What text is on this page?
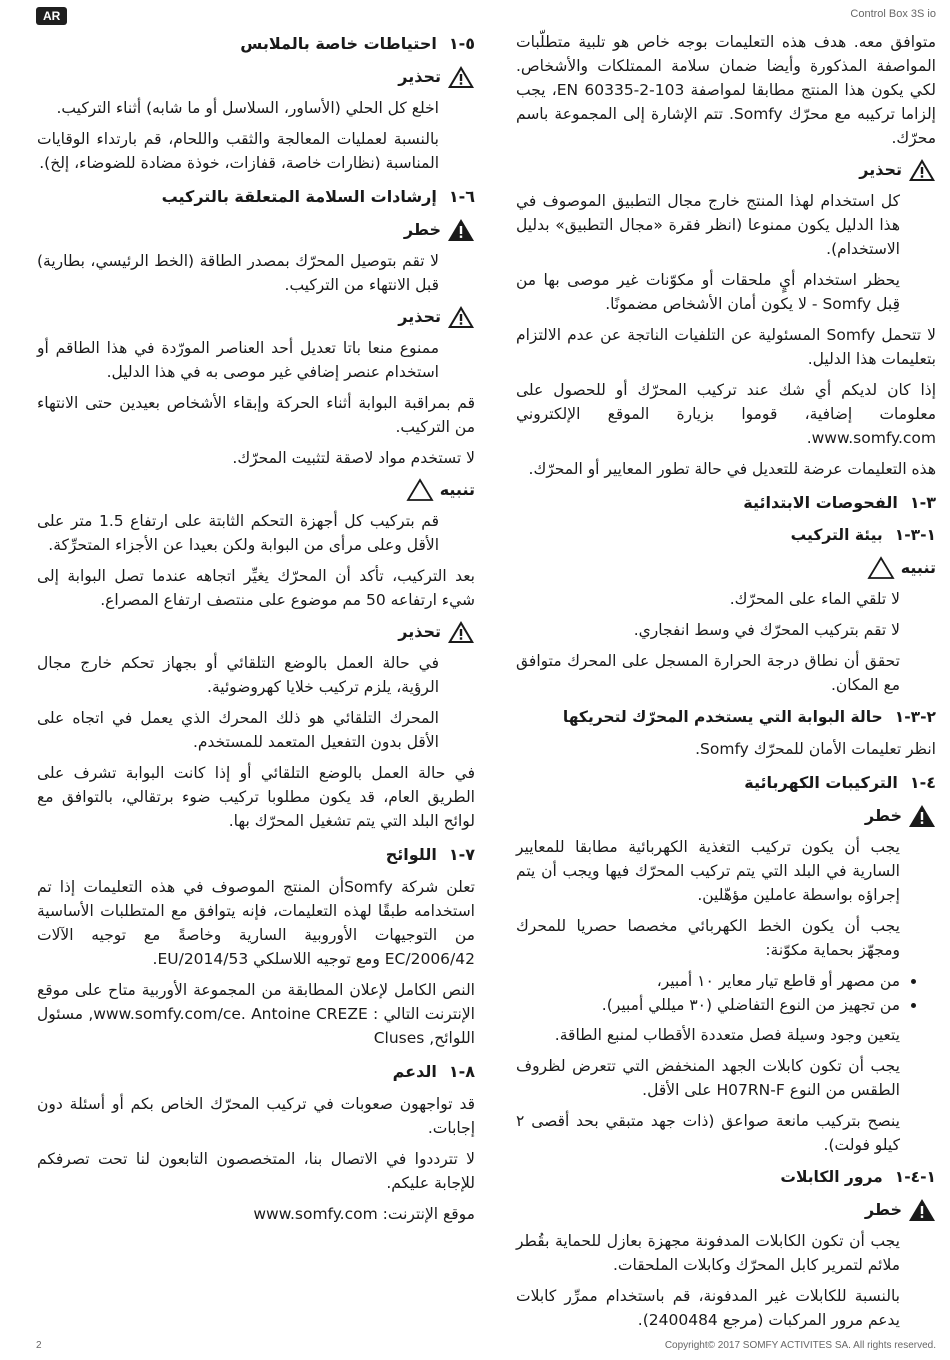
AR	Control Box 3S io

متوافق معه. هدف هذه التعليمات بوجه خاص هو تلبية متطلّبات المواصفة المذكورة وأيضا ضمان سلامة الممتلكات والأشخاص. لكي يكون هذا المنتج مطابقا لمواصفة EN 60335-2-103، يجب إلزاما تركيبه مع محرّك Somfy. تتم الإشارة إلى المجموعة باسم محرّك.

تحذير

كل استخدام لهذا المنتج خارج مجال التطبيق الموصوف في هذا الدليل يكون ممنوعا (انظر فقرة «مجال التطبيق» بدليل الاستخدام).

يحظر استخدام أيٍ ملحقات أو مكوّنات غير موصى بها من قِبل Somfy - لا يكون أمان الأشخاص مضمونًا.

لا تتحمل Somfy المسئولية عن التلفيات الناتجة عن عدم الالتزام بتعليمات هذا الدليل.

إذا كان لديكم أي شك عند تركيب المحرّك أو للحصول على معلومات إضافية، قوموا بزيارة الموقع الإلكتروني www.somfy.com.

هذه التعليمات عرضة للتعديل في حالة تطور المعايير أو المحرّك.

٣-١الفحوصات الابتدائية
١-٣-١بيئة التركيب
تنبيه

لا تلقي الماء على المحرّك.

لا تقم بتركيب المحرّك في وسط انفجاري.

تحقق أن نطاق درجة الحرارة المسجل على المحرك متوافق مع المكان.

٢-٣-١حالة البوابة التي يستخدم المحرّك لتحريكها

انظر تعليمات الأمان للمحرّك Somfy.

٤-١التركيبات الكهربائية
خطر

يجب أن يكون تركيب التغذية الكهربائية مطابقا للمعايير السارية في البلد التي يتم تركيب المحرّك فيها ويجب أن يتم إجراؤه بواسطة عاملين مؤهّلين.

يجب أن يكون الخط الكهربائي مخصصا حصريا للمحرك ومجهّز بحماية مكوّنة:

• من مصهر أو قاطع تيار معاير ١٠ أمبير،
• من تجهيز من النوع التفاضلي (٣٠ ميللي أمبير).

يتعين وجود وسيلة فصل متعددة الأقطاب لمنبع الطاقة.

يجب أن تكون كابلات الجهد المنخفض التي تتعرض لظروف الطقس من النوع H07RN-F على الأقل.

ينصح بتركيب مانعة صواعق (ذات جهد متبقي بحد أقصى ٢ كيلو فولت).

١-٤-١مرور الكابلات
خطر

يجب أن تكون الكابلات المدفونة مجهزة بعازل للحماية بقُطر ملائم لتمرير كابل المحرّك وكابلات الملحقات.

بالنسبة للكابلات غير المدفونة، قم باستخدام ممرِّر كابلات يدعم مرور المركبات (مرجع 2400484).

٥-١احتياطات خاصة بالملابس
تحذير

اخلع كل الحلي (الأساور، السلاسل أو ما شابه) أثناء التركيب.

بالنسبة لعمليات المعالجة والثقب واللحام، قم بارتداء الوقايات المناسبة (نظارات خاصة، قفازات، خوذة مضادة للضوضاء، إلخ).

٦-١إرشادات السلامة المتعلقة بالتركيب
خطر

لا تقم بتوصيل المحرّك بمصدر الطاقة (الخط الرئيسي، بطارية) قبل الانتهاء من التركيب.

تحذير

ممنوع منعا باتا تعديل أحد العناصر المورّدة في هذا الطاقم أو استخدام عنصر إضافي غير موصى به في هذا الدليل.

قم بمراقبة البوابة أثناء الحركة وإبقاء الأشخاص بعيدين حتى الانتهاء من التركيب.

لا تستخدم مواد لاصقة لتثبيت المحرّك.

تنبيه

قم بتركيب كل أجهزة التحكم الثابتة على ارتفاع 1.5 متر على الأقل وعلى مرأى من البوابة ولكن بعيدا عن الأجزاء المتحرِّكة.

بعد التركيب، تأكد أن المحرّك يغيِّر اتجاهه عندما تصل البوابة إلى شيء ارتفاعه 50 مم موضوع على منتصف ارتفاع المصراع.

تحذير

في حالة العمل بالوضع التلقائي أو بجهاز تحكم خارج مجال الرؤية، يلزم تركيب خلايا كهروضوئية.

المحرك التلقائي هو ذلك المحرك الذي يعمل في اتجاه على الأقل بدون التفعيل المتعمد للمستخدم.

في حالة العمل بالوضع التلقائي أو إذا كانت البوابة تشرف على الطريق العام، قد يكون مطلوبا تركيب ضوء برتقالي، بالتوافق مع لوائح البلد التي يتم تشغيل المحرّك بها.

٧-١اللوائح

تعلن شركة Somfyأن المنتج الموصوف في هذه التعليمات إذا تم استخدامه طبقًا لهذه التعليمات، فإنه يتوافق مع المتطلبات الأساسية من التوجيهات الأوروبية السارية وخاصةً مع توجيه الآلات 2006/42/EC ومع توجيه اللاسلكي 2014/53/EU.

النص الكامل لإعلان المطابقة من المجموعة الأوربية متاح على موقع الإنترنت التالي : www.somfy.com/ce. Antoine CREZE, مسئول اللوائح, Cluses

٨-١الدعم

قد تواجهون صعوبات في تركيب المحرّك الخاص بكم أو أسئلة دون إجابات.

لا تترددوا في الاتصال بنا، المتخصصون التابعون لنا تحت تصرفكم للإجابة عليكم.

موقع الإنترنت: www.somfy.com

2	Copyright© 2017 SOMFY ACTIVITES SA. All rights reserved.
